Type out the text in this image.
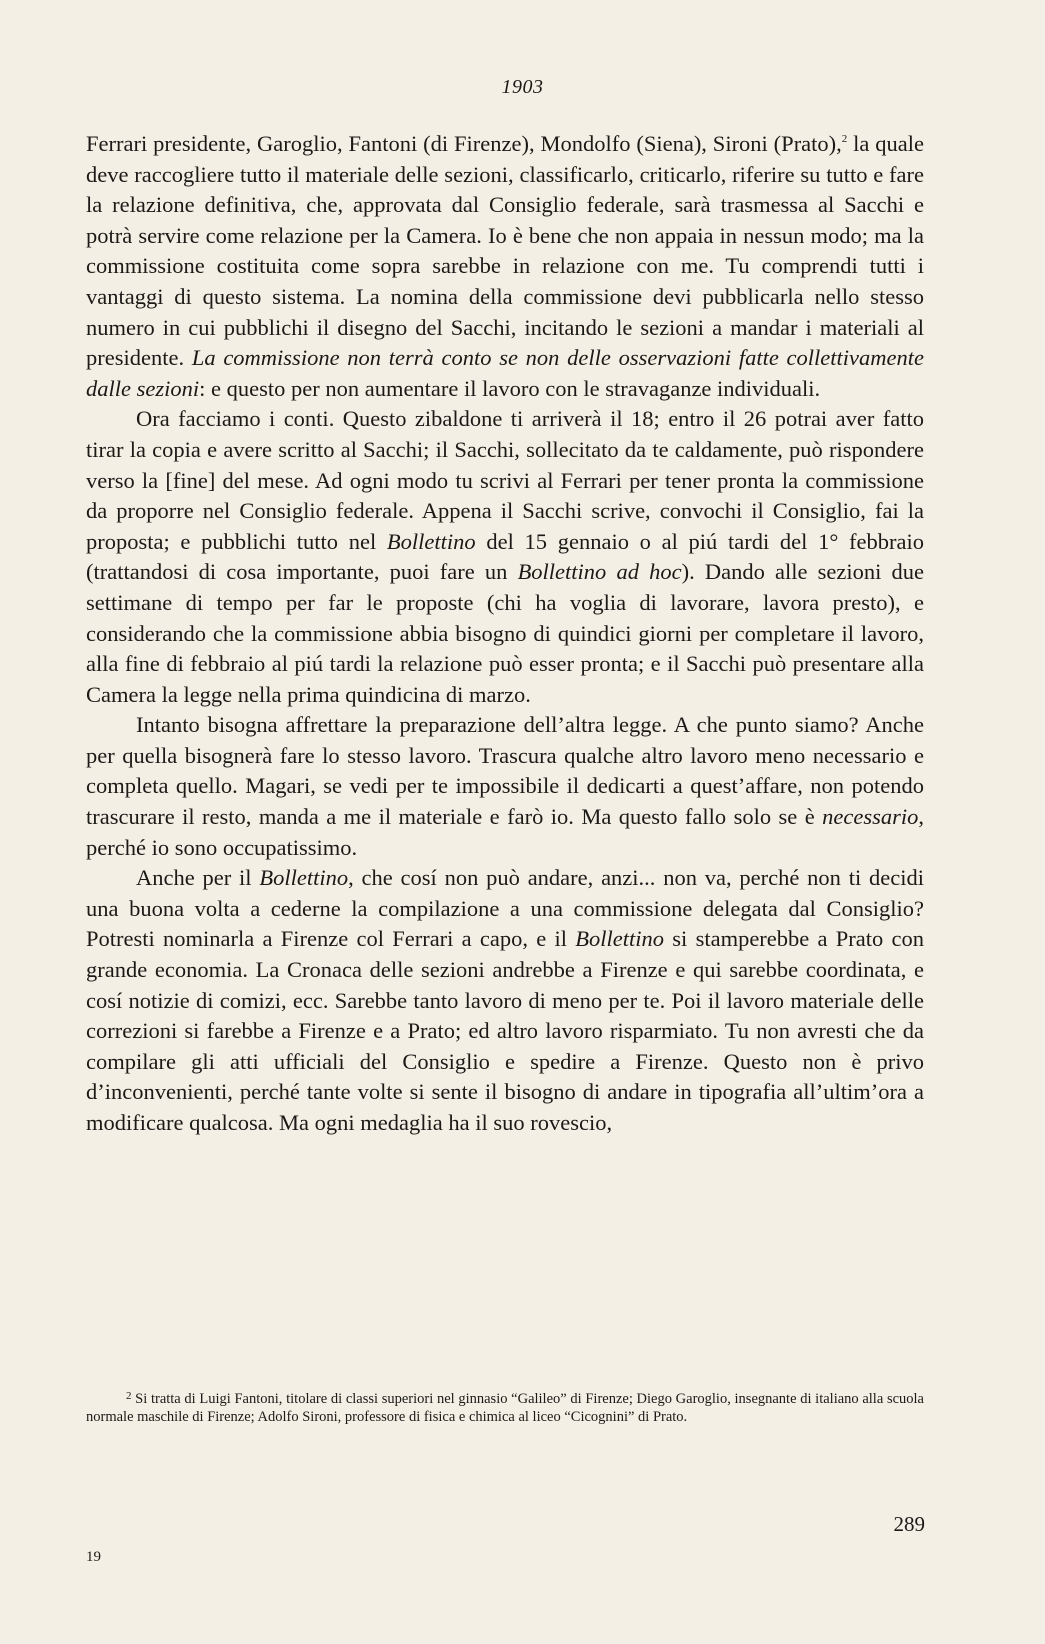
1903

Ferrari presidente, Garoglio, Fantoni (di Firenze), Mondolfo (Siena), Sironi (Prato),$^2$ la quale deve raccogliere tutto il materiale delle sezioni, classificarlo, criticarlo, riferire su tutto e fare la relazione definitiva, che, approvata dal Consiglio federale, sarà trasmessa al Sacchi e potrà servire come relazione per la Camera. Io è bene che non appaia in nessun modo; ma la commissione costituita come sopra sarebbe in relazione con me. Tu comprendi tutti i vantaggi di questo sistema. La nomina della commissione devi pubblicarla nello stesso numero in cui pubblichi il disegno del Sacchi, incitando le sezioni a mandar i materiali al presidente. La commissione non terrà conto se non delle osservazioni fatte collettivamente dalle sezioni: e questo per non aumentare il lavoro con le stravaganze individuali.

Ora facciamo i conti. Questo zibaldone ti arriverà il 18; entro il 26 potrai aver fatto tirar la copia e avere scritto al Sacchi; il Sacchi, sollecitato da te caldamente, può rispondere verso la [fine] del mese. Ad ogni modo tu scrivi al Ferrari per tener pronta la commissione da proporre nel Consiglio federale. Appena il Sacchi scrive, convochi il Consiglio, fai la proposta; e pubblichi tutto nel Bollettino del 15 gennaio o al piú tardi del 1° febbraio (trattandosi di cosa importante, puoi fare un Bollettino ad hoc). Dando alle sezioni due settimane di tempo per far le proposte (chi ha voglia di lavorare, lavora presto), e considerando che la commissione abbia bisogno di quindici giorni per completare il lavoro, alla fine di febbraio al piú tardi la relazione può esser pronta; e il Sacchi può presentare alla Camera la legge nella prima quindicina di marzo.

Intanto bisogna affrettare la preparazione dell’altra legge. A che punto siamo? Anche per quella bisognerà fare lo stesso lavoro. Trascura qualche altro lavoro meno necessario e completa quello. Magari, se vedi per te impossibile il dedicarti a quest’affare, non potendo trascurare il resto, manda a me il materiale e farò io. Ma questo fallo solo se è necessario, perché io sono occupatissimo.

Anche per il Bollettino, che cosí non può andare, anzi... non va, perché non ti decidi una buona volta a cederne la compilazione a una commissione delegata dal Consiglio? Potresti nominarla a Firenze col Ferrari a capo, e il Bollettino si stamperebbe a Prato con grande economia. La Cronaca delle sezioni andrebbe a Firenze e qui sarebbe coordinata, e cosí notizie di comizi, ecc. Sarebbe tanto lavoro di meno per te. Poi il lavoro materiale delle correzioni si farebbe a Firenze e a Prato; ed altro lavoro risparmiato. Tu non avresti che da compilare gli atti ufficiali del Consiglio e spedire a Firenze. Questo non è privo d’inconvenienti, perché tante volte si sente il bisogno di andare in tipografia all’ultim’ora a modificare qualcosa. Ma ogni medaglia ha il suo rovescio,

$^2$ Si tratta di Luigi Fantoni, titolare di classi superiori nel ginnasio “Galileo” di Firenze; Diego Garoglio, insegnante di italiano alla scuola normale maschile di Firenze; Adolfo Sironi, professore di fisica e chimica al liceo “Cicognini” di Prato.

289
19
